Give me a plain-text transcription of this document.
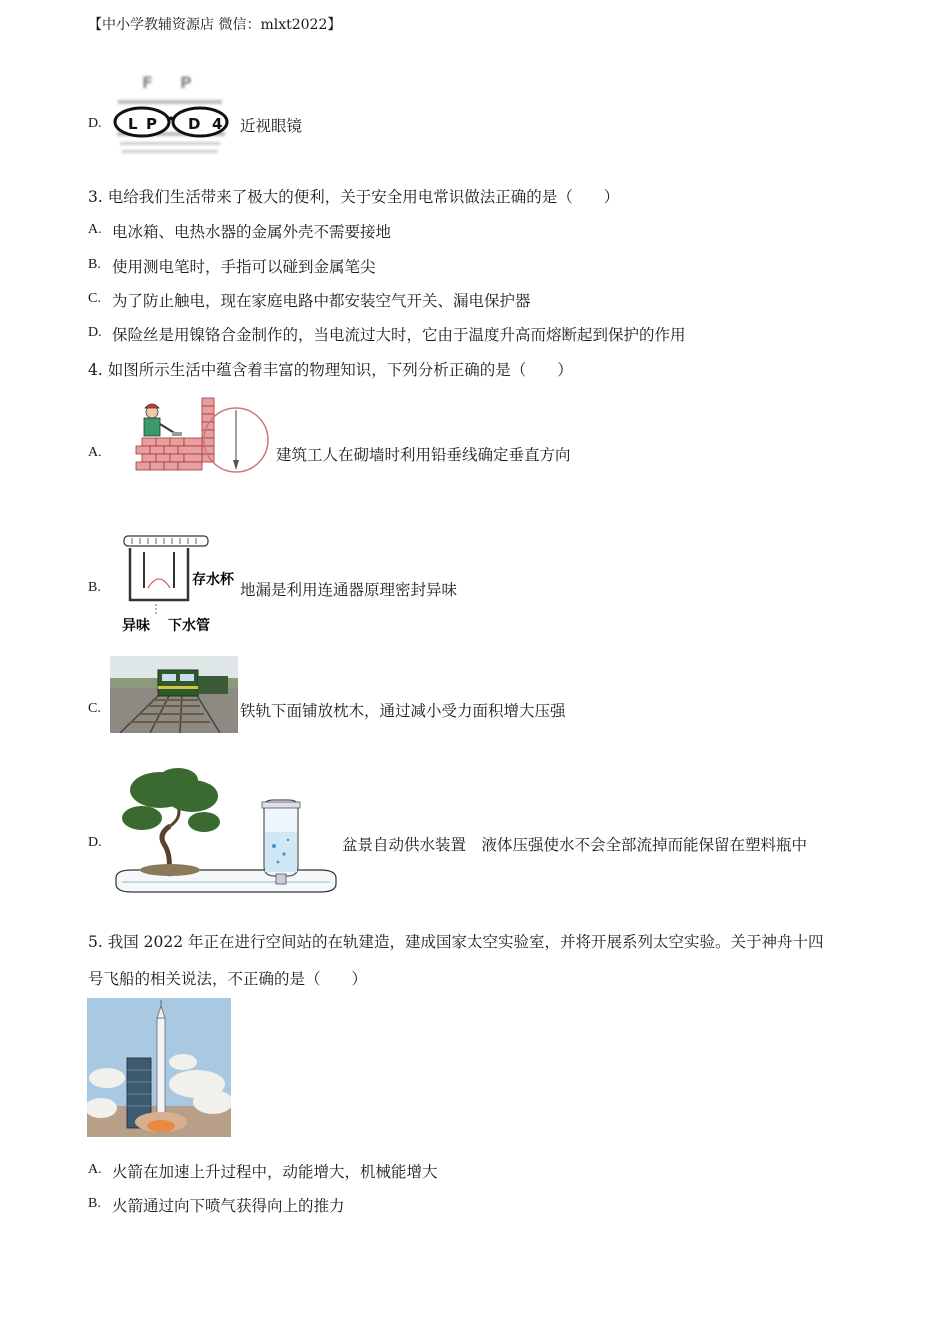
【中小学教辅资源店 微信：mlxt2022】
D.
F P
L P D 4 近视眼镜
3. 电给我们生活带来了极大的便利，关于安全用电常识做法正确的是（　　）
A. 电冰箱、电热水器的金属外壳不需要接地
B. 使用测电笔时，手指可以碰到金属笔尖
C. 为了防止触电，现在家庭电路中都安装空气开关、漏电保护器
D. 保险丝是用镍铬合金制作的，当电流过大时，它由于温度升高而熔断起到保护的作用
4. 如图所示生活中蕴含着丰富的物理知识，下列分析正确的是（　　）
A.	建筑工人在砌墙时利用铅垂线确定垂直方向
B.	存水杯
异味 下水管
地漏是利用连通器原理密封异味
C.	铁轨下面铺放枕木，通过减小受力面积增大压强
D.	盆景自动供水装置　液体压强使水不会全部流掉而能保留在塑料瓶中
5. 我国 2022 年正在进行空间站的在轨建造，建成国家太空实验室，并将开展系列太空实验。关于神舟十四
号飞船的相关说法，不正确的是（　　）
A. 火箭在加速上升过程中，动能增大，机械能增大
B. 火箭通过向下喷气获得向上的推力
